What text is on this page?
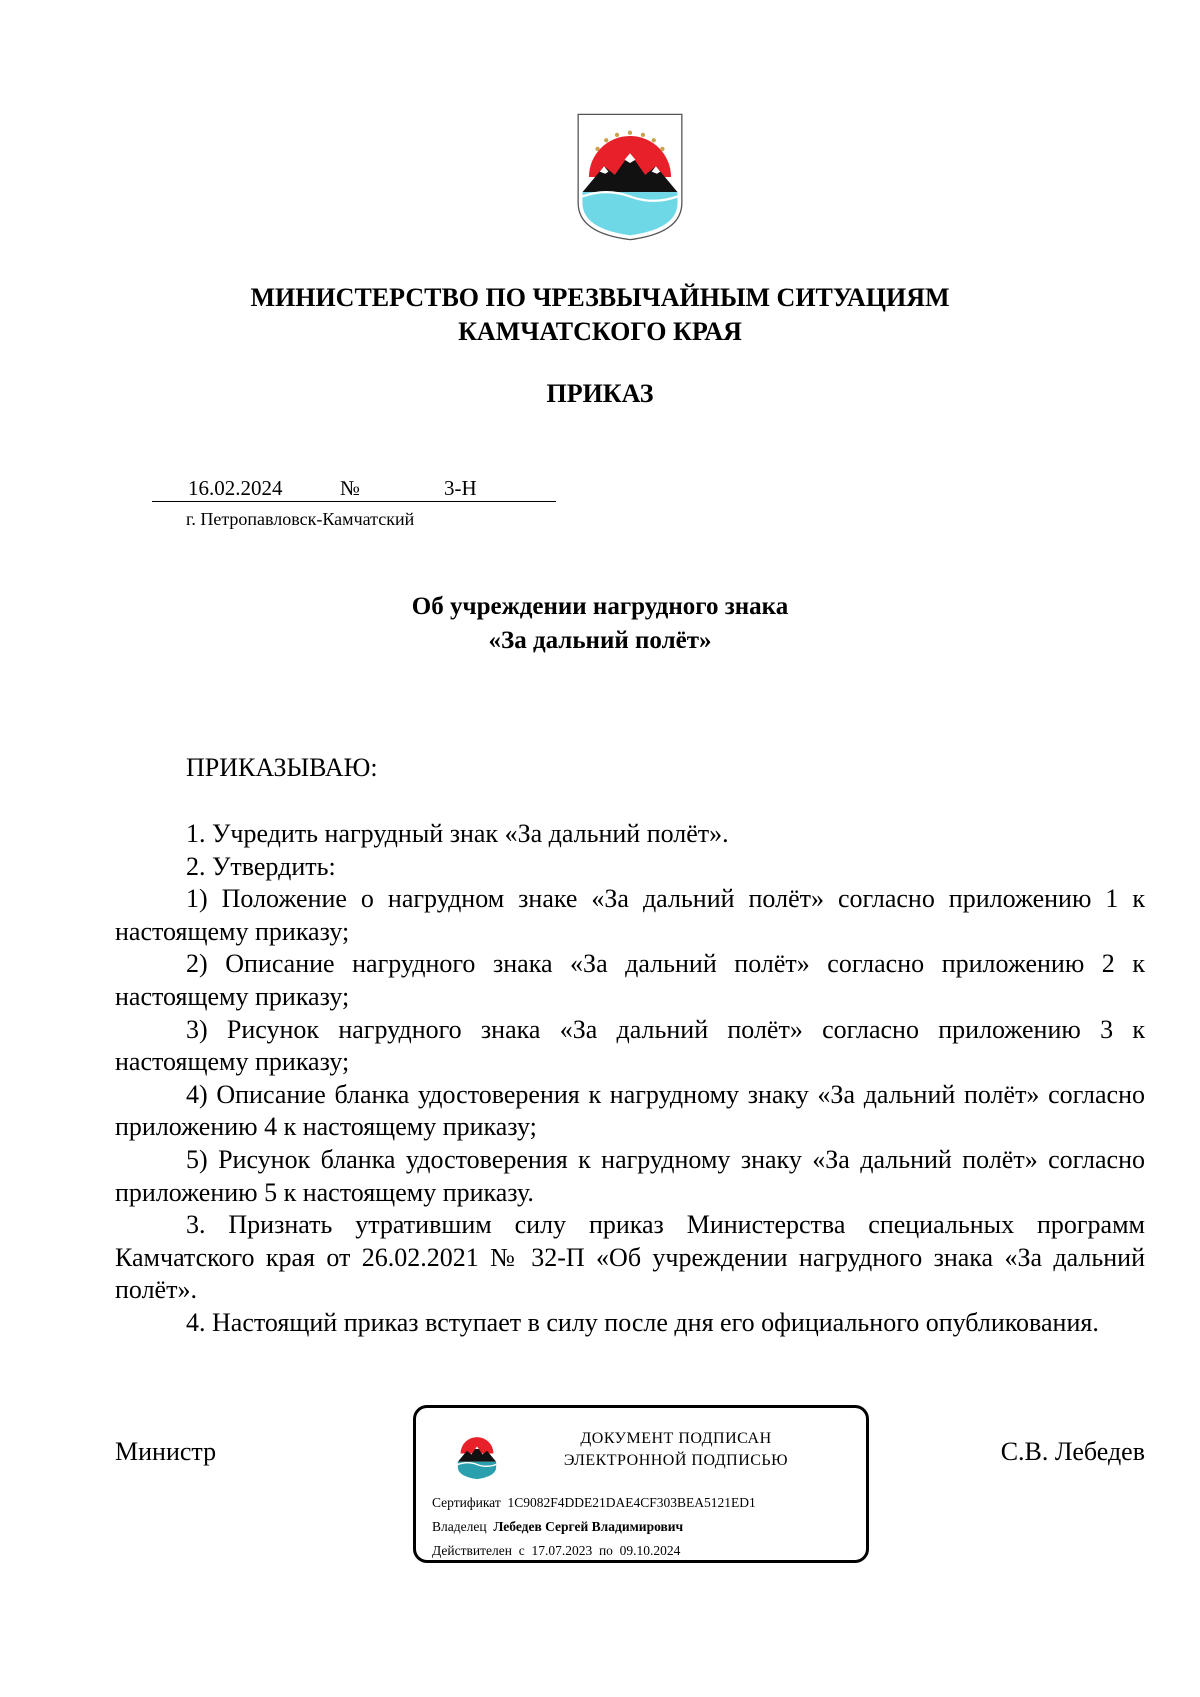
МИНИСТЕРСТВО ПО ЧРЕЗВЫЧАЙНЫМ СИТУАЦИЯМ
КАМЧАТСКОГО КРАЯ
ПРИКАЗ
16.02.2024	№	3-Н
г. Петропавловск-Камчатский
Об учреждении нагрудного знака
«За дальний полёт»
ПРИКАЗЫВАЮ:

1. Учредить нагрудный знак «За дальний полёт».

2. Утвердить:

1) Положение о нагрудном знаке «За дальний полёт» согласно приложению 1 к настоящему приказу;

2) Описание нагрудного знака «За дальний полёт» согласно приложению 2 к настоящему приказу;

3) Рисунок нагрудного знака «За дальний полёт» согласно приложению 3 к настоящему приказу;

4) Описание бланка удостоверения к нагрудному знаку «За дальний полёт» согласно приложению 4 к настоящему приказу;

5) Рисунок бланка удостоверения к нагрудному знаку «За дальний полёт» согласно приложению 5 к настоящему приказу.

3. Признать утратившим силу приказ Министерства специальных программ Камчатского края от 26.02.2021 № 32-П «Об учреждении нагрудного знака «За дальний полёт».

4. Настоящий приказ вступает в силу после дня его официального опубликования.

Министр	С.В. Лебедев
ДОКУМЕНТ ПОДПИСАН
ЭЛЕКТРОННОЙ ПОДПИСЬЮ
Сертификат 1C9082F4DDE21DAE4CF303BEA5121ED1
Владелец Лебедев Сергей Владимирович
Действителен с 17.07.2023 по 09.10.2024
